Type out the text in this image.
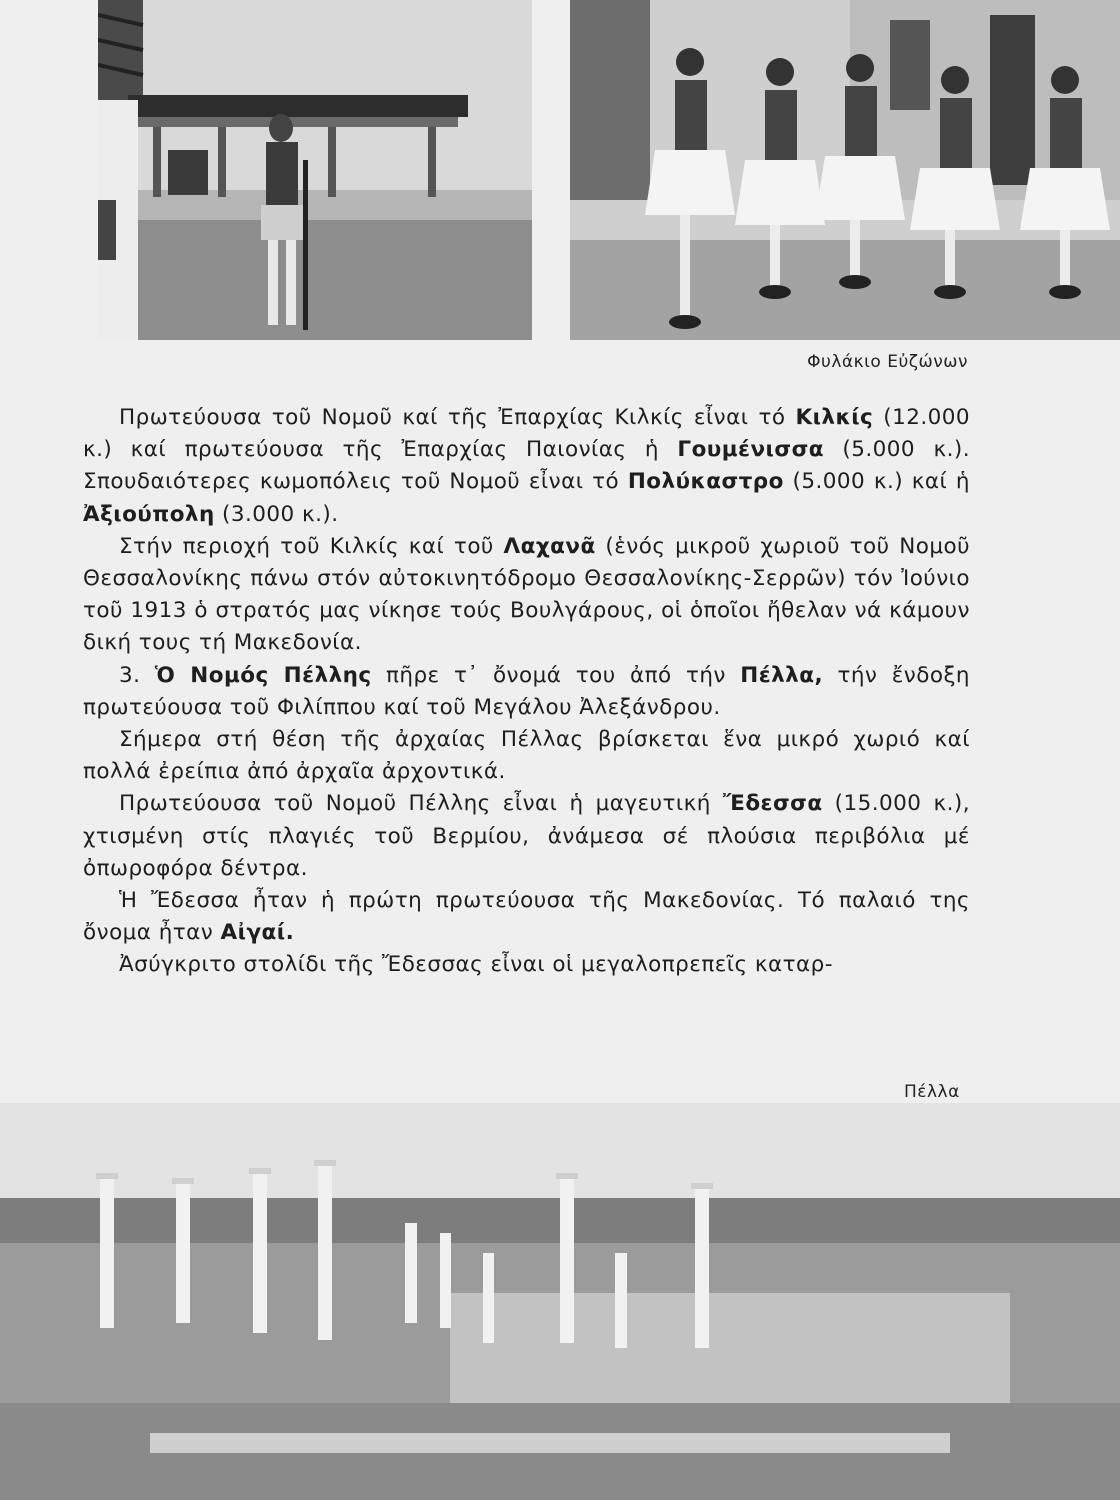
Φυλάκιο Εὐζώνων

Πρωτεύουσα τοῦ Νομοῦ καί τῆς Ἐπαρχίας Κιλκίς εἶναι τό Κιλκίς (12.000 κ.) καί πρωτεύουσα τῆς Ἐπαρχίας Παιονίας ἡ Γουμένισσα (5.000 κ.). Σπουδαιότερες κωμοπόλεις τοῦ Νομοῦ εἶναι τό Πολύκαστρο (5.000 κ.) καί ἡ Ἀξιούπολη (3.000 κ.).

Στήν περιοχή τοῦ Κιλκίς καί τοῦ Λαχανᾶ (ἑνός μικροῦ χωριοῦ τοῦ Νομοῦ Θεσσαλονίκης πάνω στόν αὐτοκινητόδρομο Θεσσαλονίκης-Σερρῶν) τόν Ἰούνιο τοῦ 1913 ὁ στρατός μας νίκησε τούς Βουλγάρους, οἱ ὁποῖοι ἤθελαν νά κάμουν δική τους τή Μακεδονία.

3. Ὁ Νομός Πέλλης πῆρε τ᾽ ὄνομά του ἀπό τήν Πέλλα, τήν ἔνδοξη πρωτεύουσα τοῦ Φιλίππου καί τοῦ Μεγάλου Ἀλεξάνδρου.

Σήμερα στή θέση τῆς ἀρχαίας Πέλλας βρίσκεται ἕνα μικρό χωριό καί πολλά ἐρείπια ἀπό ἀρχαῖα ἀρχοντικά.

Πρωτεύουσα τοῦ Νομοῦ Πέλλης εἶναι ἡ μαγευτική Ἔδεσσα (15.000 κ.), χτισμένη στίς πλαγιές τοῦ Βερμίου, ἀνάμεσα σέ πλούσια περιβόλια μέ ὀπωροφόρα δέντρα.

Ἡ Ἔδεσσα ἦταν ἡ πρώτη πρωτεύουσα τῆς Μακεδονίας. Τό παλαιό της ὄνομα ἦταν Αἰγαί.

Ἀσύγκριτο στολίδι τῆς Ἔδεσσας εἶναι οἱ μεγαλοπρεπεῖς καταρ-

Πέλλα
